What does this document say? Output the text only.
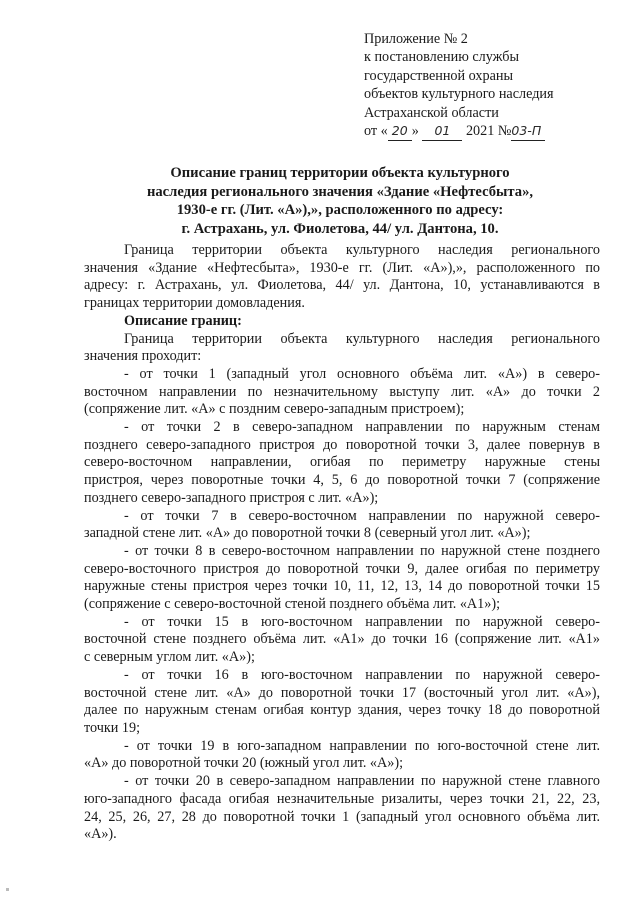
Приложение № 2
к постановлению службы
государственной охраны
объектов культурного наследия
Астраханской области
от « 20 » 01 2021 №03-П
Описание границ территории объекта культурного
наследия регионального значения «Здание «Нефтесбыта»,
1930-е гг. (Лит. «А»),», расположенного по адресу:
г. Астрахань, ул. Фиолетова, 44/ ул. Дантона, 10.
Граница территории объекта культурного наследия регионального
значения «Здание «Нефтесбыта», 1930-е гг. (Лит. «А»),», расположенного по
адресу: г. Астрахань, ул. Фиолетова, 44/ ул. Дантона, 10, устанавливаются в
границах территории домовладения.
Описание границ:
Граница территории объекта культурного наследия регионального
значения проходит:
- от точки 1 (западный угол основного объёма лит. «А») в северо-
восточном направлении по незначительному выступу лит. «А» до точки 2
(сопряжение лит. «А» с поздним северо-западным пристроем);
- от точки 2 в северо-западном направлении по наружным стенам
позднего северо-западного пристроя до поворотной точки 3, далее повернув в
северо-восточном направлении, огибая по периметру наружные стены
пристроя, через поворотные точки 4, 5, 6 до поворотной точки 7 (сопряжение
позднего северо-западного пристроя с лит. «А»);
- от точки 7 в северо-восточном направлении по наружной северо-
западной стене лит. «А» до поворотной точки 8 (северный угол лит. «А»);
- от точки 8 в северо-восточном направлении по наружной стене позднего
северо-восточного пристроя до поворотной точки 9, далее огибая по периметру
наружные стены пристроя через точки 10, 11, 12, 13, 14 до поворотной точки 15
(сопряжение с северо-восточной стеной позднего объёма лит. «А1»);
- от точки 15 в юго-восточном направлении по наружной северо-
восточной стене позднего объёма лит. «А1» до точки 16 (сопряжение лит. «А1»
с северным углом лит. «А»);
- от точки 16 в юго-восточном направлении по наружной северо-
восточной стене лит. «А» до поворотной точки 17 (восточный угол лит. «А»),
далее по наружным стенам огибая контур здания, через точку 18 до поворотной
точки 19;
- от точки 19 в юго-западном направлении по юго-восточной стене лит.
«А» до поворотной точки 20 (южный угол лит. «А»);
- от точки 20 в северо-западном направлении по наружной стене главного
юго-западного фасада огибая незначительные ризалиты, через точки 21, 22, 23,
24, 25, 26, 27, 28 до поворотной точки 1 (западный угол основного объёма лит.
«А»).
